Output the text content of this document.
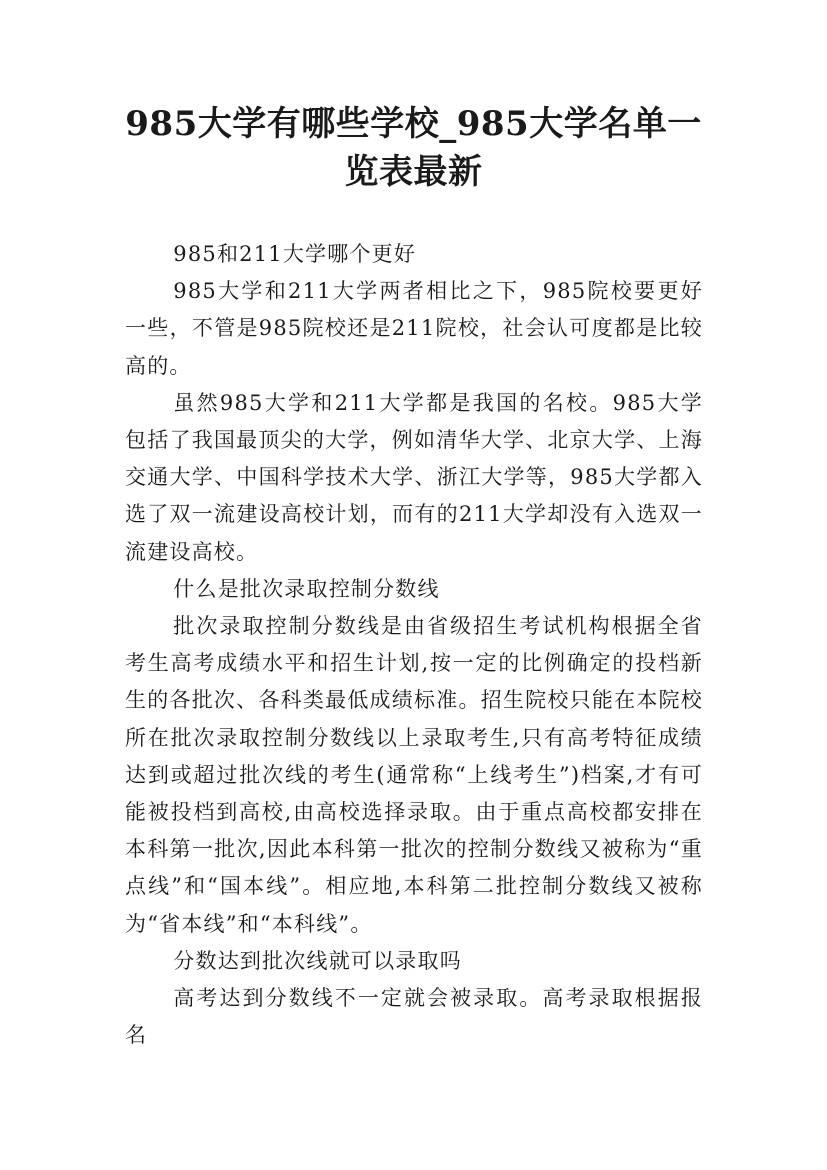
985大学有哪些学校_985大学名单一览表最新

985和211大学哪个更好

985大学和211大学两者相比之下，985院校要更好一些，不管是985院校还是211院校，社会认可度都是比较高的。

虽然985大学和211大学都是我国的名校。985大学包括了我国最顶尖的大学，例如清华大学、北京大学、上海交通大学、中国科学技术大学、浙江大学等，985大学都入选了双一流建设高校计划，而有的211大学却没有入选双一流建设高校。

什么是批次录取控制分数线

批次录取控制分数线是由省级招生考试机构根据全省考生高考成绩水平和招生计划,按一定的比例确定的投档新生的各批次、各科类最低成绩标准。招生院校只能在本院校所在批次录取控制分数线以上录取考生,只有高考特征成绩达到或超过批次线的考生(通常称“上线考生”)档案,才有可能被投档到高校,由高校选择录取。由于重点高校都安排在本科第一批次,因此本科第一批次的控制分数线又被称为“重点线”和“国本线”。相应地,本科第二批控制分数线又被称为“省本线”和“本科线”。

分数达到批次线就可以录取吗

高考达到分数线不一定就会被录取。高考录取根据报名
